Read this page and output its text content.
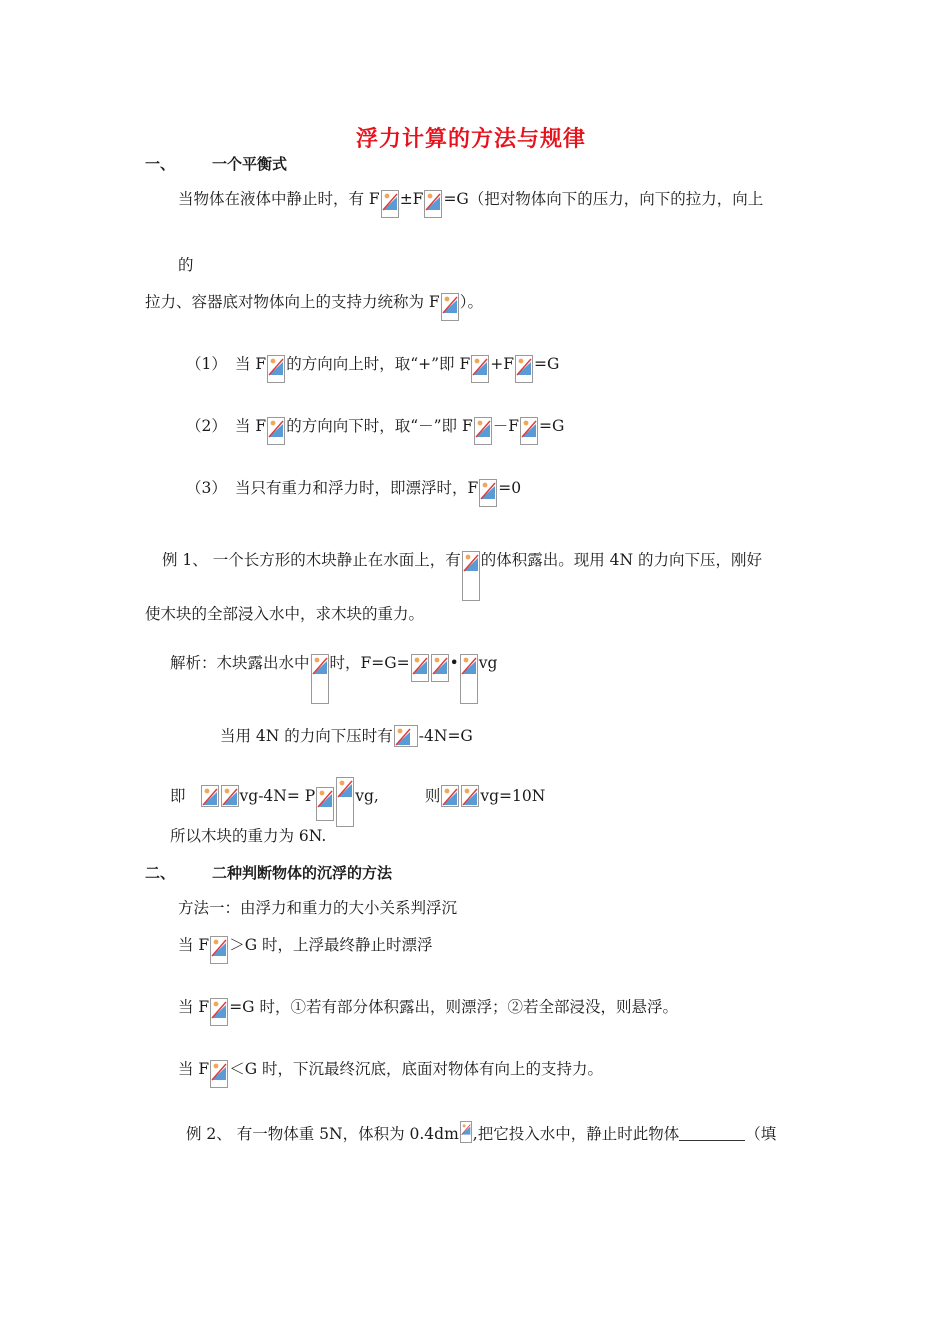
浮力计算的方法与规律
一、 一个平衡式
当物体在液体中静止时，有 F ±F =G（把对物体向下的压力，向下的拉力，向上
的
拉力、容器底对物体向上的支持力统称为 F ）。
（1） 当 F 的方向向上时，取“+”即 F +F =G
（2） 当 F 的方向向下时，取“－”即 F －F =G
（3） 当只有重力和浮力时，即漂浮时，F =0
例 1、 一个长方形的木块静止在水面上，有 的体积露出。现用 4N 的力向下压，刚好
使木块的全部浸入水中，求木块的重力。
解析：木块露出水中 时，F=G=	• vg
当用 4N 的力向下压时有 -4N=G
即	vg-4N= P	vg,	则	vg=10N
所以木块的重力为 6N.
二、 二种判断物体的沉浮的方法
方法一：由浮力和重力的大小关系判浮沉
当 F ＞G 时，上浮最终静止时漂浮
当 F =G 时，①若有部分体积露出，则漂浮；②若全部浸没，则悬浮。
当 F ＜G 时，下沉最终沉底，底面对物体有向上的支持力。
例 2、 有一物体重 5N，体积为 0.4dm ,把它投入水中，静止时此物体	（填
